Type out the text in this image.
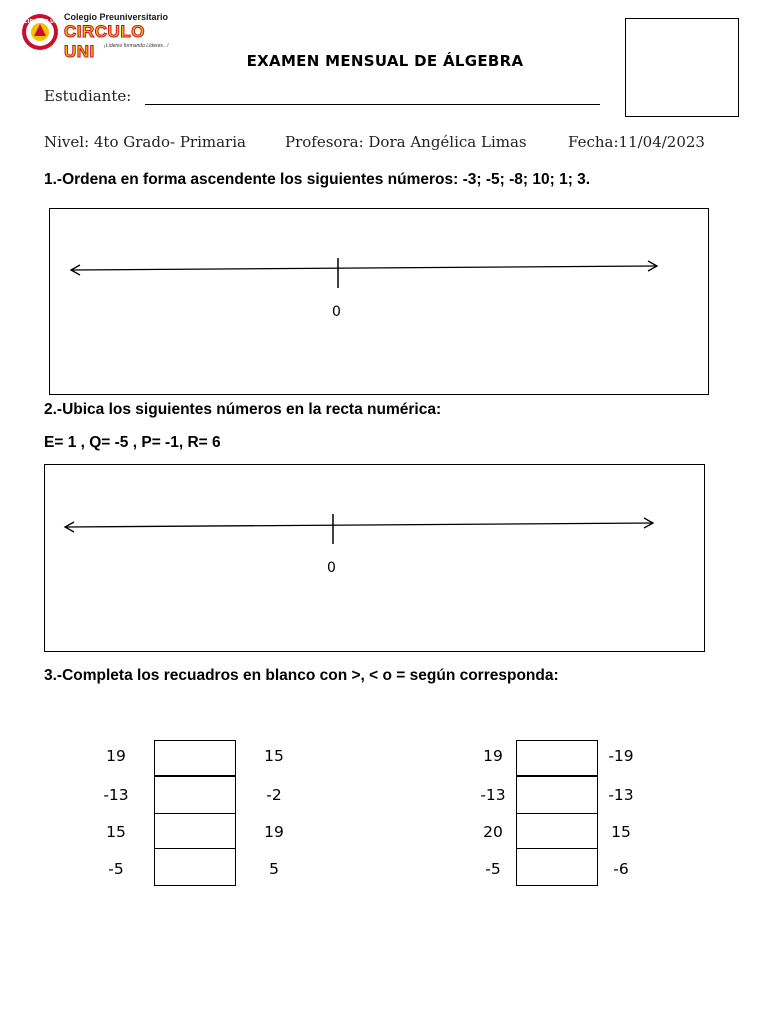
CIRCULO UNI Colegio Preuniversitario
CIRCULO UNI	¡Líderes formando Líderes...!
EXAMEN MENSUAL DE ÁLGEBRA
Estudiante:
Nivel: 4to Grado- Primaria	Profesora: Dora Angélica Limas	Fecha:11/04/2023
1.-Ordena en forma ascendente los siguientes números: -3; -5; -8; 10; 1; 3.
0
2.-Ubica los siguientes números en la recta numérica:
E= 1 , Q= -5 , P= -1, R= 6
0
3.-Completa los recuadros en blanco con >, < o = según corresponda:
19	15
-13	-2
15	19
-5	5
19	-19
-13	-13
20	15
-5	-6
